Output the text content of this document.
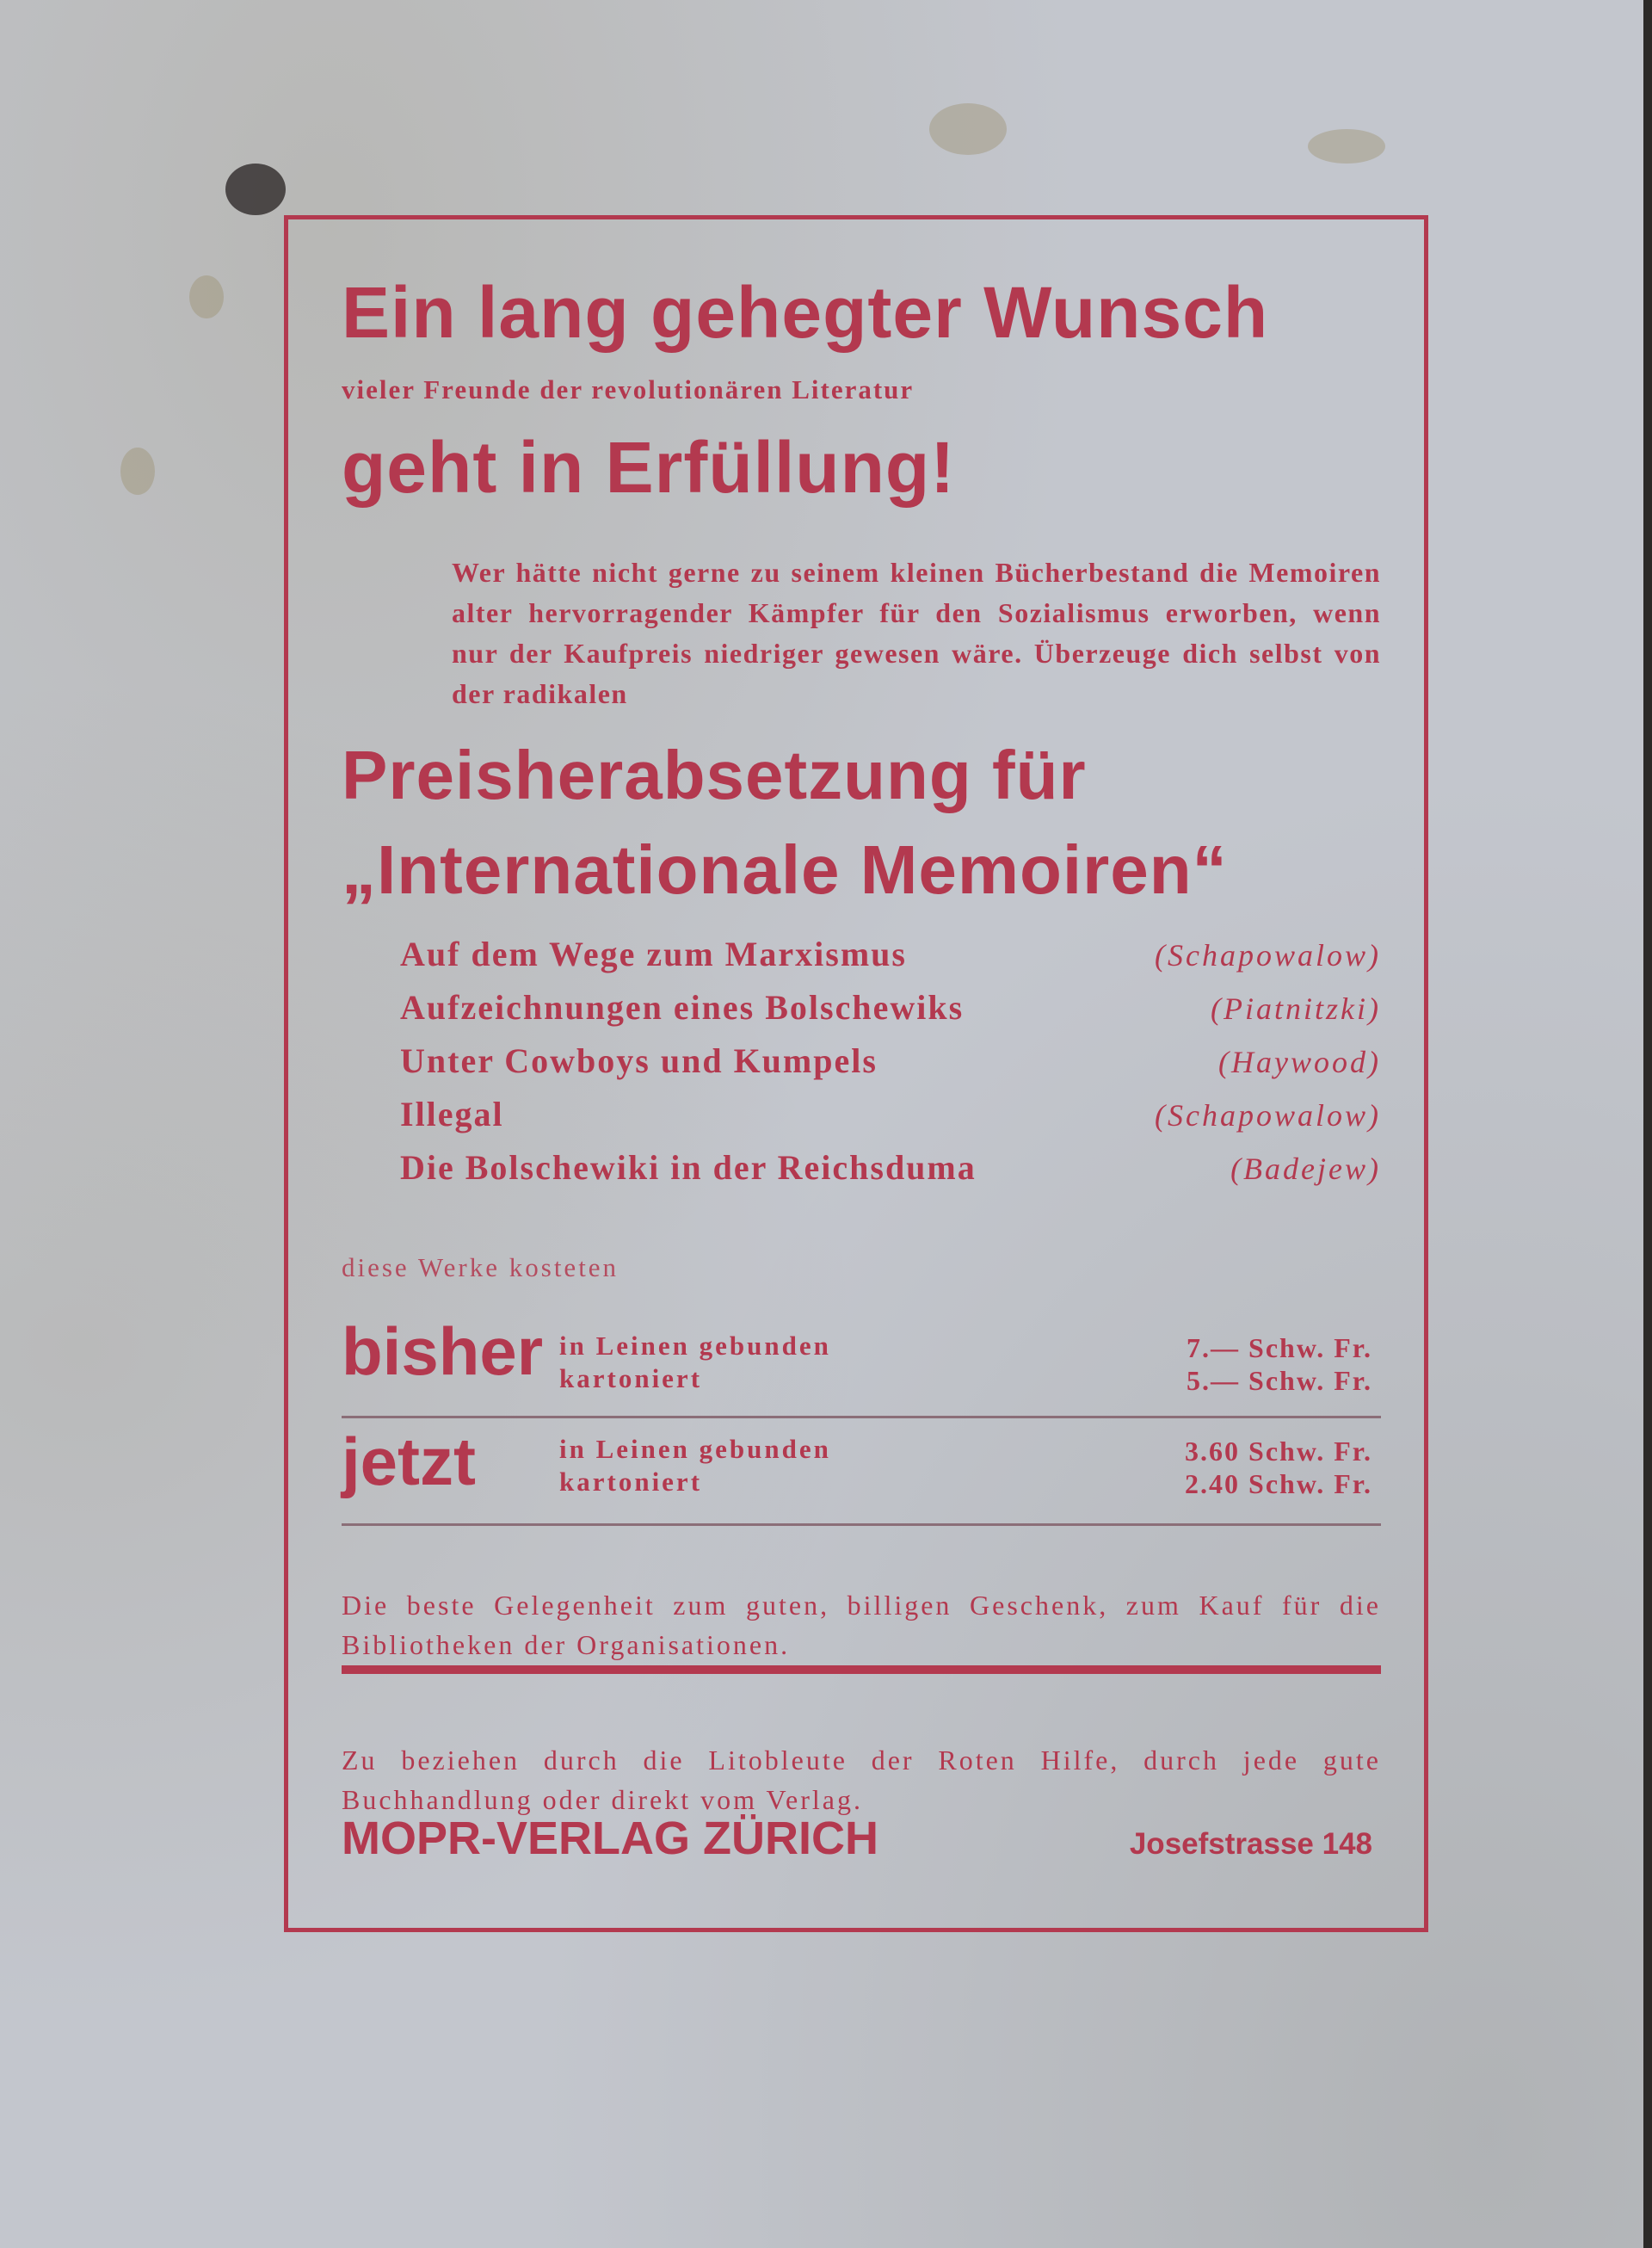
Ein lang gehegter Wunsch

vieler Freunde der revolutionären Literatur

geht in Erfüllung!

Wer hätte nicht gerne zu seinem kleinen Bücherbestand die Memoiren alter hervorragender Kämpfer für den Sozialismus erworben, wenn nur der Kaufpreis niedriger gewesen wäre. Überzeuge dich selbst von der radikalen

Preisherabsetzung für
„Internationale Memoiren“
Auf dem Wege zum Marxismus	(Schapowalow)
Aufzeichnungen eines Bolschewiks	(Piatnitzki)
Unter Cowboys und Kumpels	(Haywood)
Illegal	(Schapowalow)
Die Bolschewiki in der Reichsduma	(Badejew)

diese Werke kosteten

bisher in Leinen gebunden
kartoniert
7.— Schw. Fr.
5.— Schw. Fr.
jetzt	in Leinen gebunden
kartoniert
3.60 Schw. Fr.
2.40 Schw. Fr.

Die beste Gelegenheit zum guten, billigen Geschenk, zum Kauf für die Bibliotheken der Organisationen.

Zu beziehen durch die Litobleute der Roten Hilfe, durch jede gute Buchhandlung oder direkt vom Verlag.

MOPR-VERLAG ZÜRICH	Josefstrasse 148
